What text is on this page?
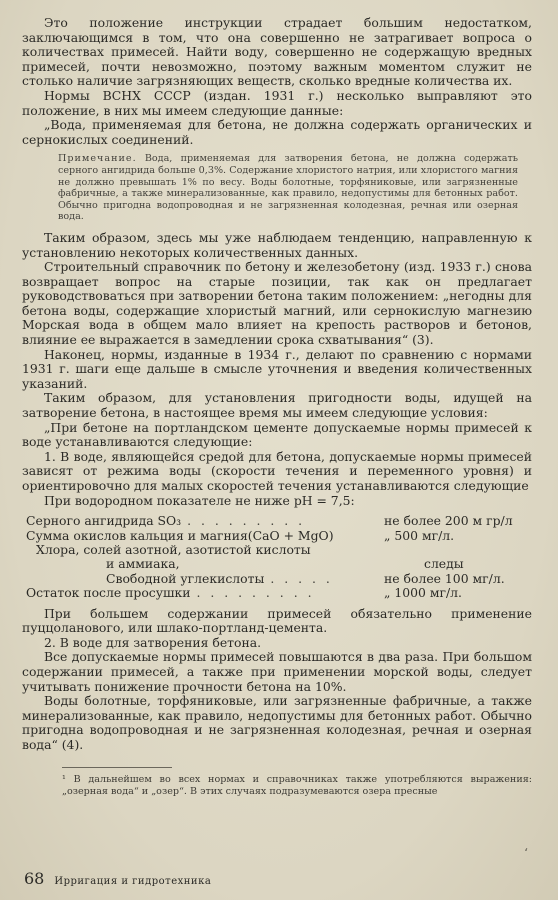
Это положение инструкции страдает большим недостатком, заключающимся в том, что она совершенно не затрагивает вопроса о количествах примесей. Найти воду, совершенно не содержащую вредных примесей, почти невозможно, поэтому важным моментом служит не столько наличие загрязняющих веществ, сколько вредные количества их.

Нормы ВСНХ СССР (издан. 1931 г.) несколько выправляют это положение, в них мы имеем следующие данные:

„Вода, применяемая для бетона, не должна содержать органических и сернокислых соединений.

Примечание. Вода, применяемая для затворения бетона, не должна содержать серного ангидрида больше 0,3%. Содержание хлористого натрия, или хлористого магния не должно превышать 1% по весу. Воды болотные, торфяниковые, или загрязненные фабричные, а также минерализованные, как правило, недопустимы для бетонных работ. Обычно пригодна водопроводная и не загрязненная колодезная, речная или озерная вода.

Таким образом, здесь мы уже наблюдаем тенденцию, направленную к установлению некоторых количественных данных.

Строительный справочник по бетону и железобетону (изд. 1933 г.) снова возвращает вопрос на старые позиции, так как он предлагает руководствоваться при затворении бетона таким положением: „негодны для бетона воды, содержащие хлористый магний, или сернокислую магнезию Морская вода в общем мало влияет на крепость растворов и бетонов, влияние ее выражается в замедлении срока схватывания“ (3).

Наконец, нормы, изданные в 1934 г., делают по сравнению с нормами 1931 г. шаги еще дальше в смысле уточнения и введения количественных указаний.

Таким образом, для установления пригодности воды, идущей на затворение бетона, в настоящее время мы имеем следующие условия:

„При бетоне на портландском цементе допускаемые нормы примесей к воде устанавливаются следующие:

1. В воде, являющейся средой для бетона, допускаемые нормы примесей зависят от режима воды (скорости течения и переменного уровня) и ориентировочно для малых скоростей течения устанавливаются следующие

При водородном показателе не ниже pH = 7,5:

Серного ангидрида SO₃ . . . . . . . . .	не более 200 м гр/л
Сумма окислов кальция и магния(CaO + MgO)	„ 500 мг/л.
Хлора, солей азотной, азотистой кислоты
и аммиака,	следы
Свободной углекислоты . . . . .	не более 100 мг/л.
Остаток после просушки . . . . . . . . .	„ 1000 мг/л.

При большем содержании примесей обязательно применение пуццоланового, или шлако-портланд-цемента.

2. В воде для затворения бетона.

Все допускаемые нормы примесей повышаются в два раза. При большом содержании примесей, а также при применении морской воды, следует учитывать понижение прочности бетона на 10%.

Воды болотные, торфяниковые, или загрязненные фабричные, а также минерализованные, как правило, недопустимы для бетонных работ. Обычно пригодна водопроводная и не загрязненная колодезная, речная и озерная вода“ (4).

¹ В дальнейшем во всех нормах и справочниках также употребляются выражения: „озерная вода“ и „озер“. В этих случаях подразумеваются озера пресные

ʻ
68 Ирригация и гидротехника
